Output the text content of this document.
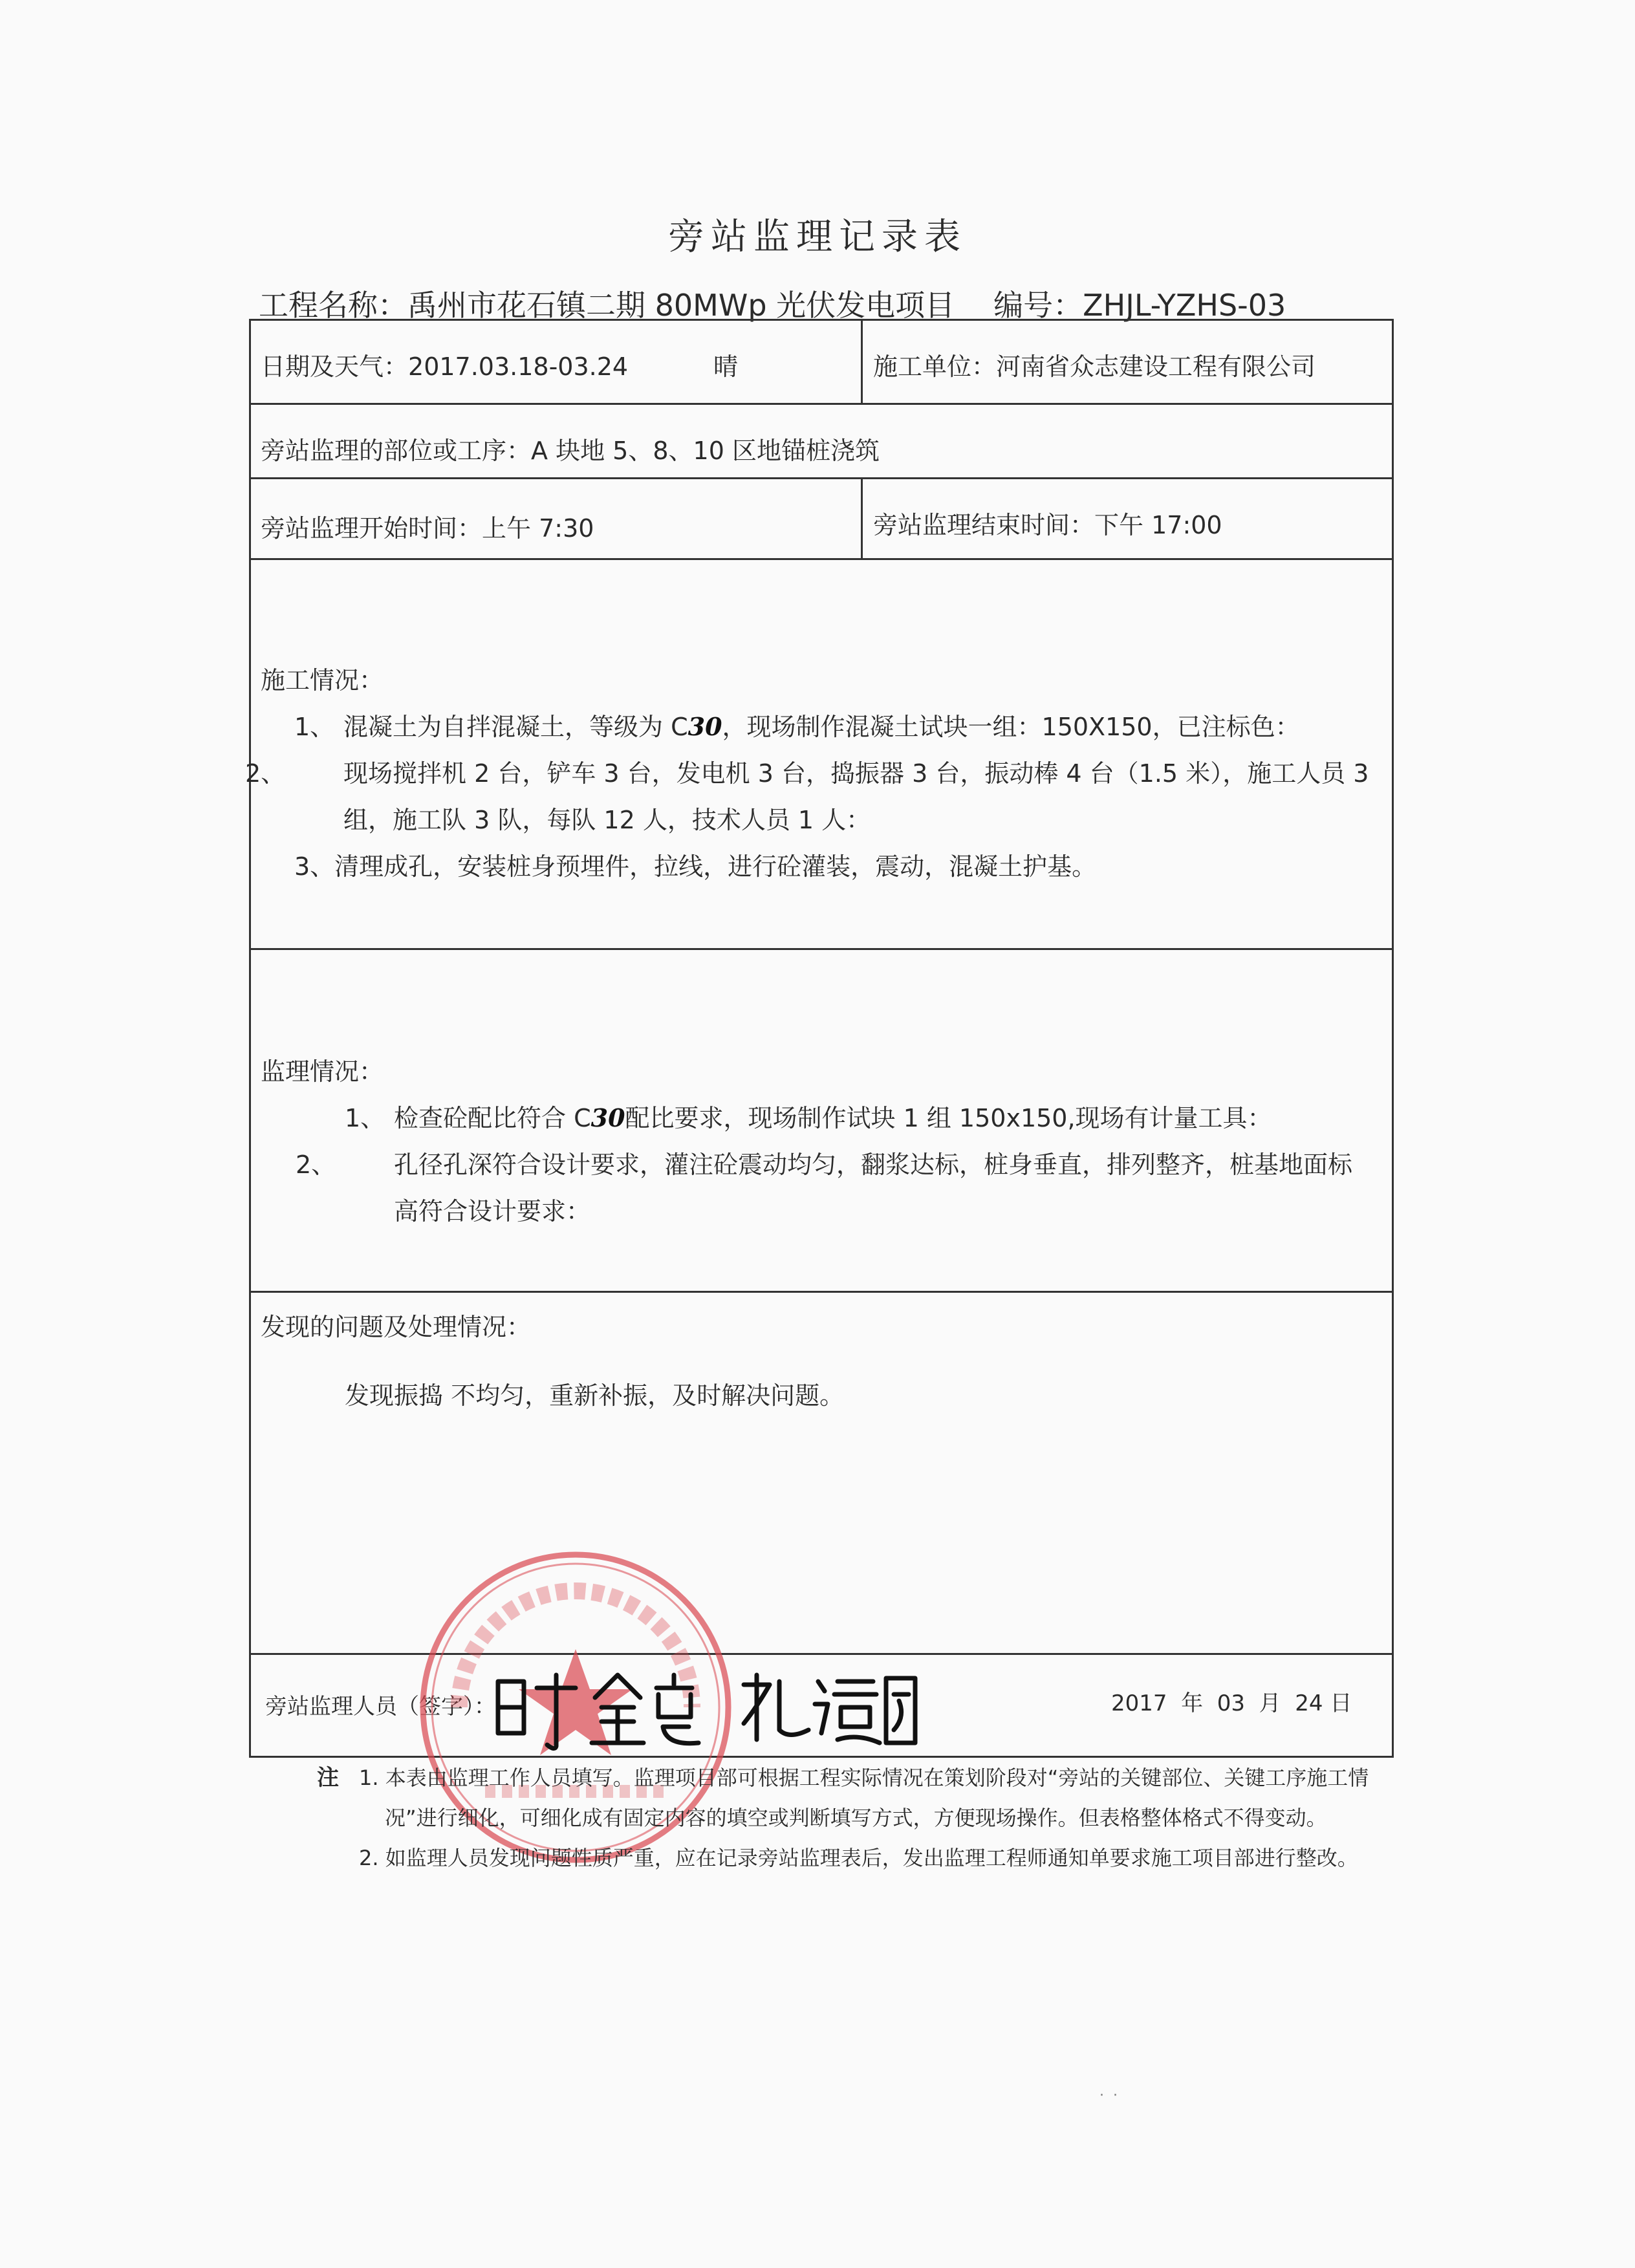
旁站监理记录表
工程名称：禹州市花石镇二期 80MWp 光伏发电项目 编号：ZHJL-YZHS-03
日期及天气：2017.03.18-03.24	晴	施工单位：河南省众志建设工程有限公司
旁站监理的部位或工序：A 块地 5、8、10 区地锚桩浇筑
旁站监理开始时间：上午 7:30	旁站监理结束时间：下午 17:00
施工情况：
1、 混凝土为自拌混凝土，等级为 C30，现场制作混凝土试块一组：150X150，已注标色：
2、 现场搅拌机 2 台，铲车 3 台，发电机 3 台，捣振器 3 台，振动棒 4 台（1.5 米），施工人员 3 组，施工队 3 队，每队 12 人，技术人员 1 人：
3、清理成孔，安装桩身预埋件，拉线，进行砼灌装，震动，混凝土护基。
监理情况：
1、 检查砼配比符合 C30配比要求，现场制作试块 1 组 150x150,现场有计量工具：
2、 孔径孔深符合设计要求，灌注砼震动均匀，翻浆达标，桩身垂直，排列整齐，桩基地面标高符合设计要求：
发现的问题及处理情况：
发现振捣 不均匀，重新补振，及时解决问题。
旁站监理人员（签字）：	2017 年 03 月 24 日
注 1. 本表由监理工作人员填写。监理项目部可根据工程实际情况在策划阶段对“旁站的关键部位、关键工序施工情况”进行细化，可细化成有固定内容的填空或判断填写方式，方便现场操作。但表格整体格式不得变动。
2. 如监理人员发现问题性质严重，应在记录旁站监理表后，发出监理工程师通知单要求施工项目部进行整改。
·  ·
